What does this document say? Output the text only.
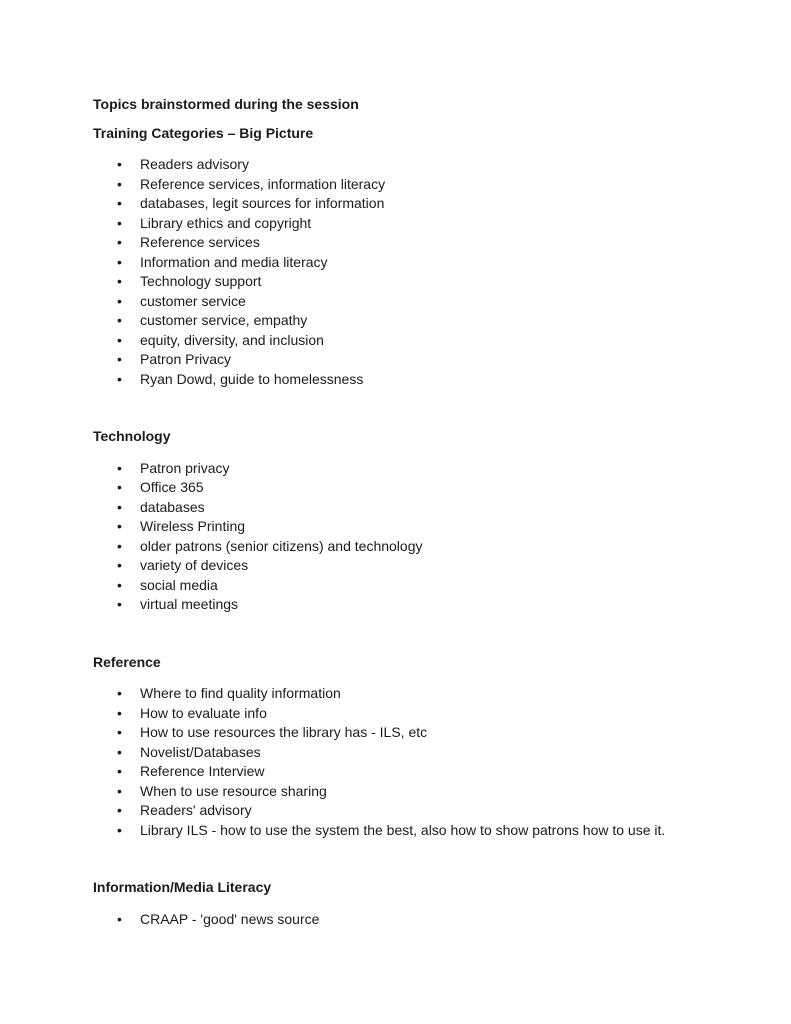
Topics brainstormed during the session

Training Categories – Big Picture

•
Readers advisory
•
Reference services, information literacy
•
databases, legit sources for information
•
Library ethics and copyright
•
Reference services
•
Information and media literacy
•
Technology support
•
customer service
•
customer service, empathy
•
equity, diversity, and inclusion
•
Patron Privacy
•
Ryan Dowd, guide to homelessness

Technology

•
Patron privacy
•
Office 365
•
databases
•
Wireless Printing
•
older patrons (senior citizens) and technology
•
variety of devices
•
social media
•
virtual meetings

Reference

•
Where to find quality information
•
How to evaluate info
•
How to use resources the library has - ILS, etc
•
Novelist/Databases
•
Reference Interview
•
When to use resource sharing
•
Readers' advisory
•
Library ILS - how to use the system the best, also how to show patrons how to use it.

Information/Media Literacy

•
CRAAP - 'good' news source
